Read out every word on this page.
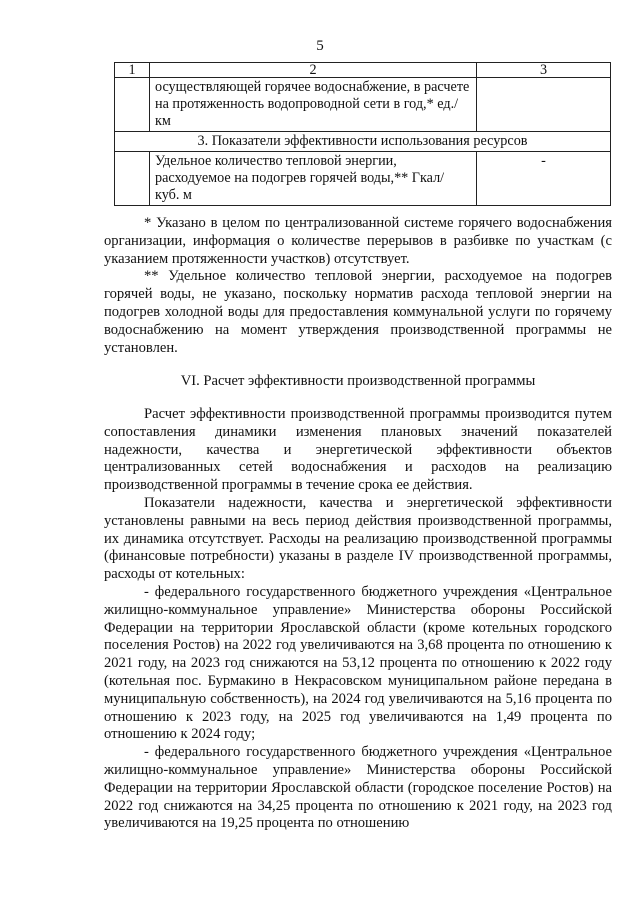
5
1	2	3
	осуществляющей горячее водоснабжение, в расчете на протяженность водопроводной сети в год,* ед./км	
3. Показатели эффективности использования ресурсов		
	Удельное количество тепловой энергии, расходуемое на подогрев горячей воды,** Гкал/ куб. м	-

* Указано в целом по централизованной системе горячего водоснабжения организации, информация о количестве перерывов в разбивке по участкам (с указанием протяженности участков) отсутствует.

** Удельное количество тепловой энергии, расходуемое на подогрев горячей воды, не указано, поскольку норматив расхода тепловой энергии на подогрев холодной воды для предоставления коммунальной услуги по горячему водоснабжению на момент утверждения производственной программы не установлен.

VI. Расчет эффективности производственной программы

Расчет эффективности производственной программы производится путем сопоставления динамики изменения плановых значений показателей надежности, качества и энергетической эффективности объектов централизованных сетей водоснабжения и расходов на реализацию производственной программы в течение срока ее действия.

Показатели надежности, качества и энергетической эффективности установлены равными на весь период действия производственной программы, их динамика отсутствует. Расходы на реализацию производственной программы (финансовые потребности) указаны в разделе IV производственной программы, расходы от котельных:

- федерального государственного бюджетного учреждения «Центральное жилищно-коммунальное управление» Министерства обороны Российской Федерации на территории Ярославской области (кроме котельных городского поселения Ростов) на 2022 год увеличиваются на 3,68 процента по отношению к 2021 году, на 2023 год снижаются на 53,12 процента по отношению к 2022 году (котельная пос. Бурмакино в Некрасовском муниципальном районе передана в муниципальную собственность), на 2024 год увеличиваются на 5,16 процента по отношению к 2023 году, на 2025 год увеличиваются на 1,49 процента по отношению к 2024 году;

- федерального государственного бюджетного учреждения «Центральное жилищно-коммунальное управление» Министерства обороны Российской Федерации на территории Ярославской области (городское поселение Ростов) на 2022 год снижаются на 34,25 процента по отношению к 2021 году, на 2023 год увеличиваются на 19,25 процента по отношению
